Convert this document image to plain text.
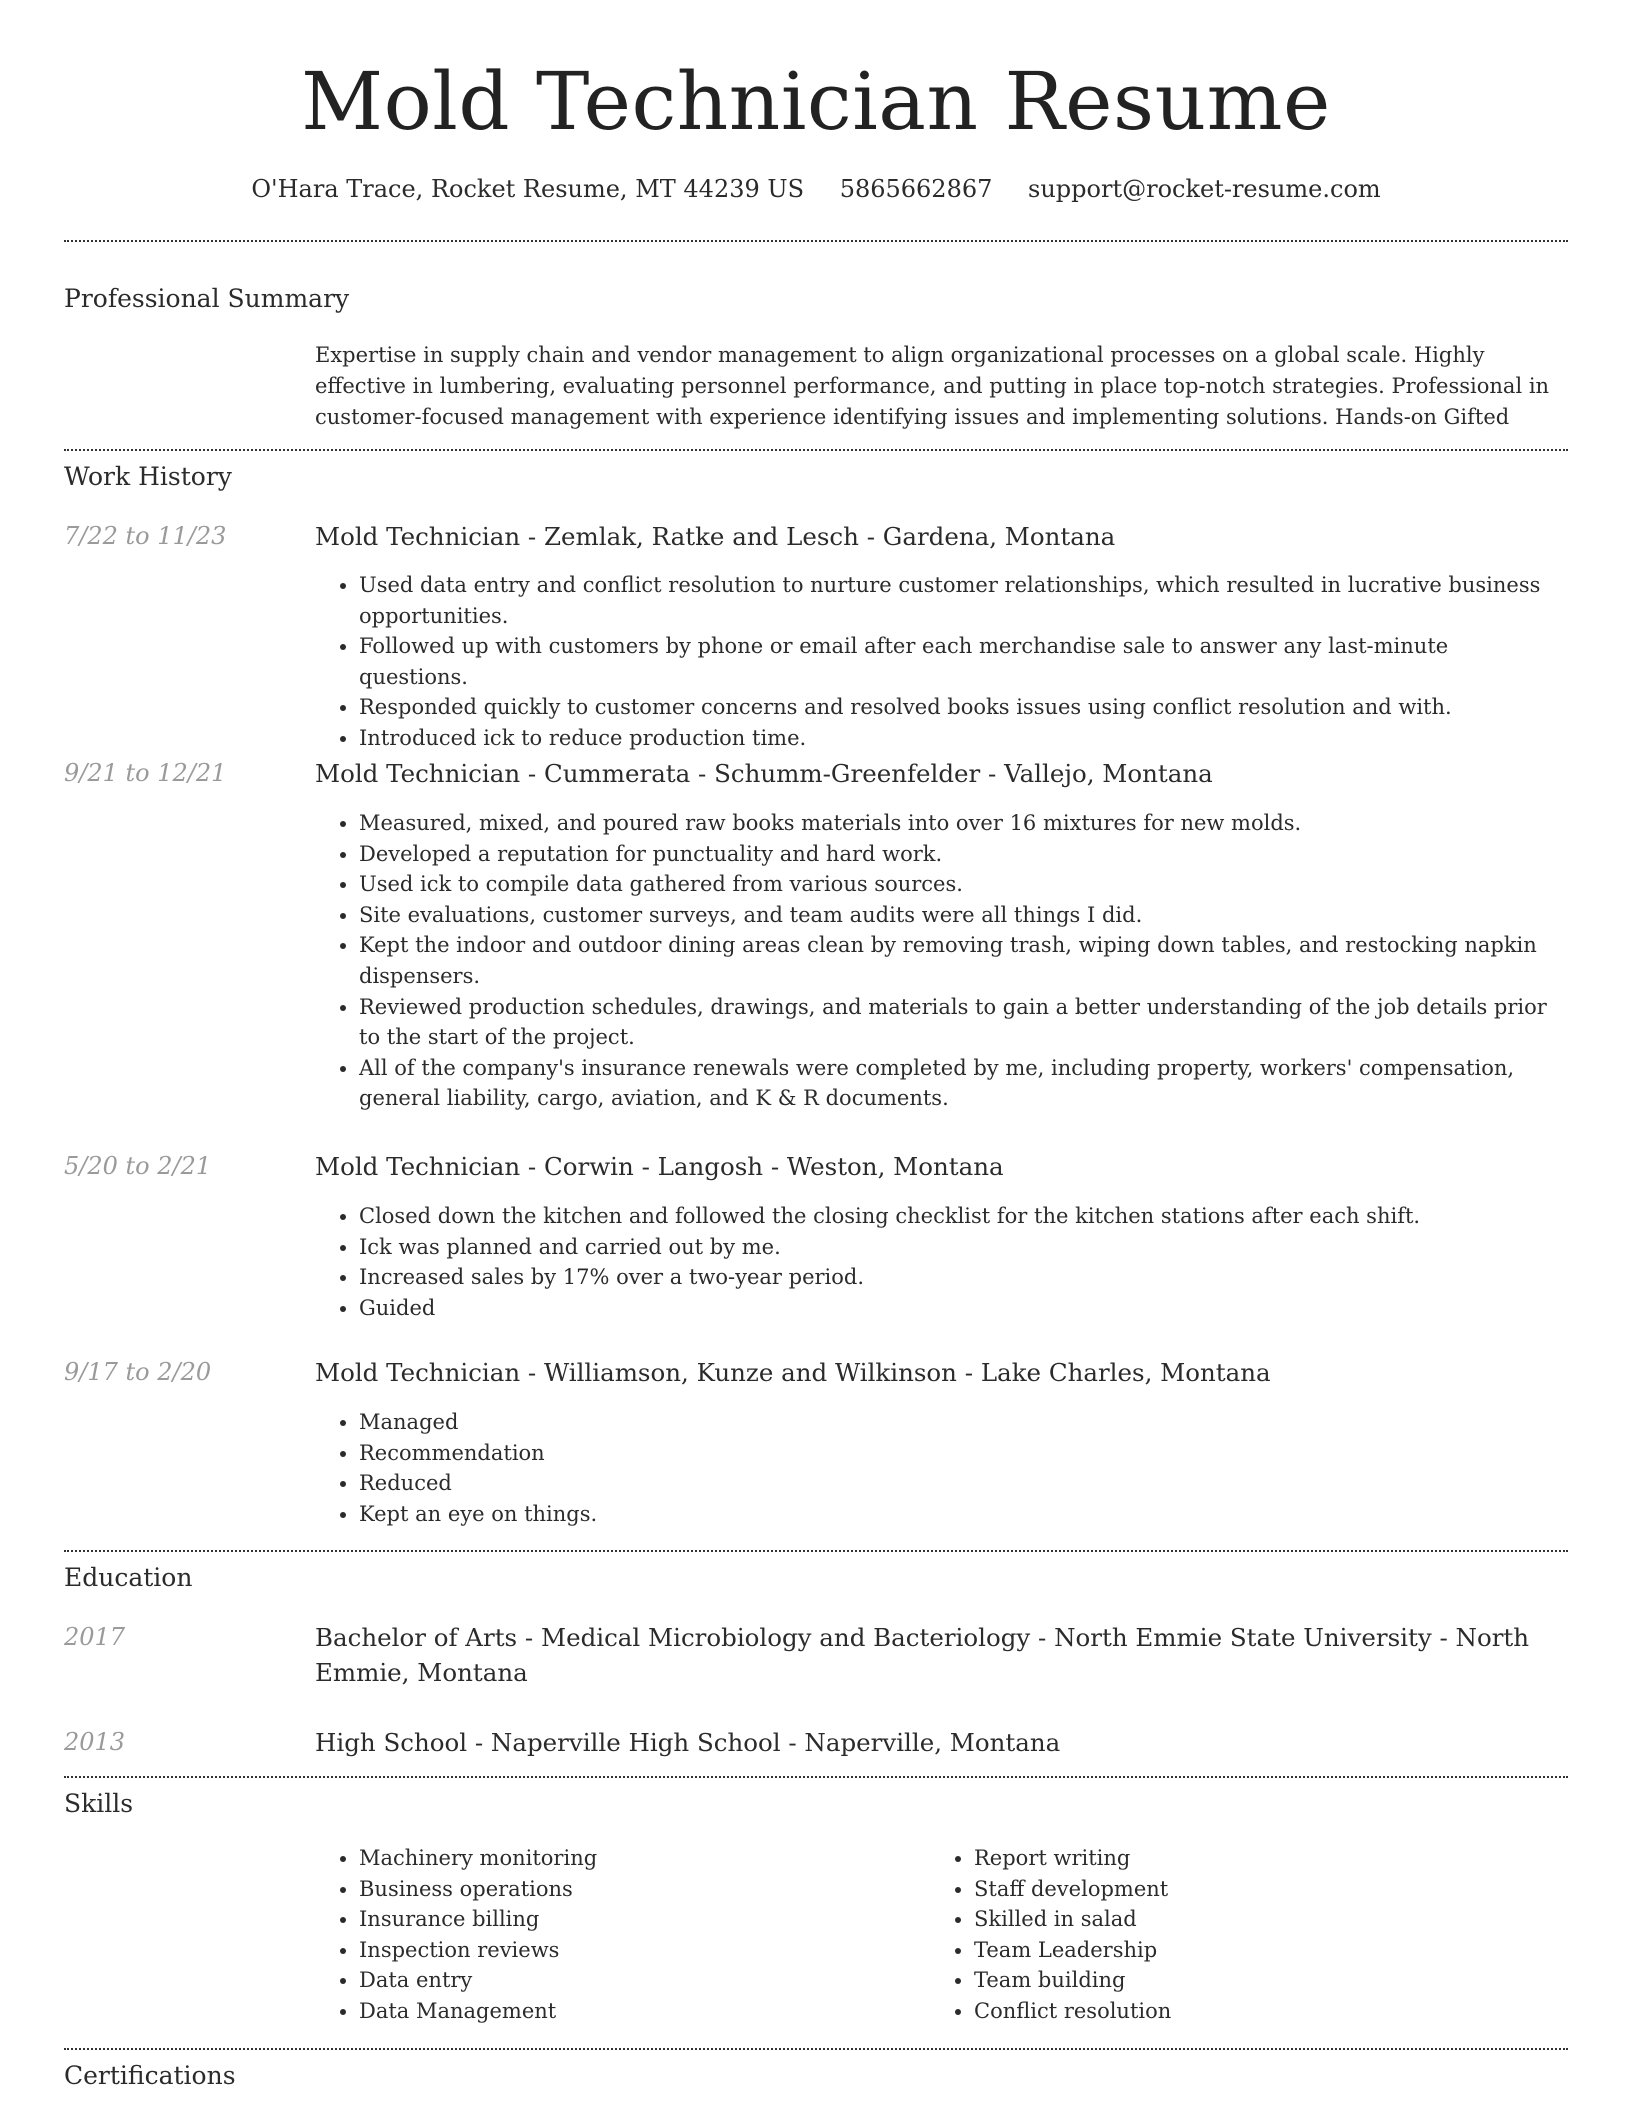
Mold Technician Resume
O'Hara Trace, Rocket Resume, MT 44239 US 5865662867 support@rocket-resume.com
Professional Summary
Expertise in supply chain and vendor management to align organizational processes on a global scale. Highly effective in lumbering, evaluating personnel performance, and putting in place top-notch strategies. Professional in customer-focused management with experience identifying issues and implementing solutions. Hands-on Gifted
Work History
7/22 to 11/23	Mold Technician - Zemlak, Ratke and Lesch - Gardena, Montana
• Used data entry and conflict resolution to nurture customer relationships, which resulted in lucrative business opportunities.
• Followed up with customers by phone or email after each merchandise sale to answer any last-minute questions.
• Responded quickly to customer concerns and resolved books issues using conflict resolution and with.
• Introduced ick to reduce production time.
9/21 to 12/21	Mold Technician - Cummerata - Schumm-Greenfelder - Vallejo, Montana
• Measured, mixed, and poured raw books materials into over 16 mixtures for new molds.
• Developed a reputation for punctuality and hard work.
• Used ick to compile data gathered from various sources.
• Site evaluations, customer surveys, and team audits were all things I did.
• Kept the indoor and outdoor dining areas clean by removing trash, wiping down tables, and restocking napkin dispensers.
• Reviewed production schedules, drawings, and materials to gain a better understanding of the job details prior to the start of the project.
• All of the company's insurance renewals were completed by me, including property, workers' compensation, general liability, cargo, aviation, and K & R documents.
5/20 to 2/21	Mold Technician - Corwin - Langosh - Weston, Montana
• Closed down the kitchen and followed the closing checklist for the kitchen stations after each shift.
• Ick was planned and carried out by me.
• Increased sales by 17% over a two-year period.
• Guided
9/17 to 2/20	Mold Technician - Williamson, Kunze and Wilkinson - Lake Charles, Montana
• Managed
• Recommendation
• Reduced
• Kept an eye on things.
Education
2017	Bachelor of Arts - Medical Microbiology and Bacteriology - North Emmie State University - North Emmie, Montana
2013	High School - Naperville High School - Naperville, Montana
Skills
• Machinery monitoring
• Business operations
• Insurance billing
• Inspection reviews
• Data entry
• Data Management
• Report writing
• Staff development
• Skilled in salad
• Team Leadership
• Team building
• Conflict resolution
Certifications
